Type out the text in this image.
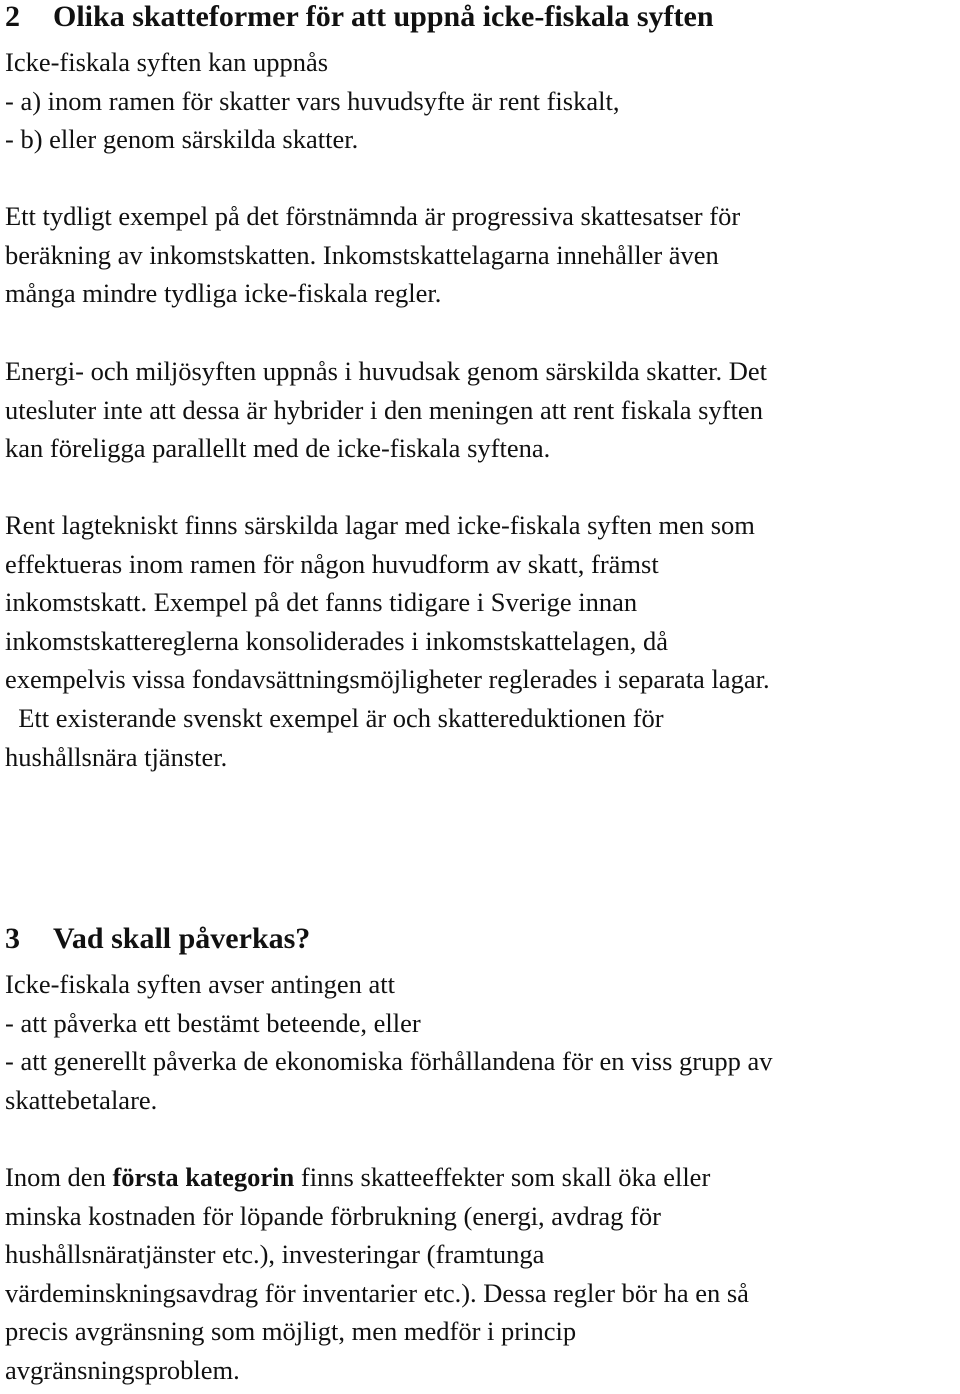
2 Olika skatteformer för att uppnå icke-fiskala syften

Icke-fiskala syften kan uppnås

- a) inom ramen för skatter vars huvudsyfte är rent fiskalt,

- b) eller genom särskilda skatter.

Ett tydligt exempel på det förstnämnda är progressiva skattesatser för

beräkning av inkomstskatten. Inkomstskattelagarna innehåller även

många mindre tydliga icke-fiskala regler.

Energi- och miljösyften uppnås i huvudsak genom särskilda skatter. Det

utesluter inte att dessa är hybrider i den meningen att rent fiskala syften

kan föreligga parallellt med de icke-fiskala syftena.

Rent lagtekniskt finns särskilda lagar med icke-fiskala syften men som

effektueras inom ramen för någon huvudform av skatt, främst

inkomstskatt. Exempel på det fanns tidigare i Sverige innan

inkomstskattereglerna konsoliderades i inkomstskattelagen, då

exempelvis vissa fondavsättningsmöjligheter reglerades i separata lagar.

Ett existerande svenskt exempel är och skattereduktionen för

hushållsnära tjänster.

3 Vad skall påverkas?

Icke-fiskala syften avser antingen att

- att påverka ett bestämt beteende, eller

- att generellt påverka de ekonomiska förhållandena för en viss grupp av

skattebetalare.

Inom den första kategorin finns skatteeffekter som skall öka eller

minska kostnaden för löpande förbrukning (energi, avdrag för

hushållsnäratjänster etc.), investeringar (framtunga

värdeminskningsavdrag för inventarier etc.). Dessa regler bör ha en så

precis avgränsning som möjligt, men medför i princip

avgränsningsproblem.
